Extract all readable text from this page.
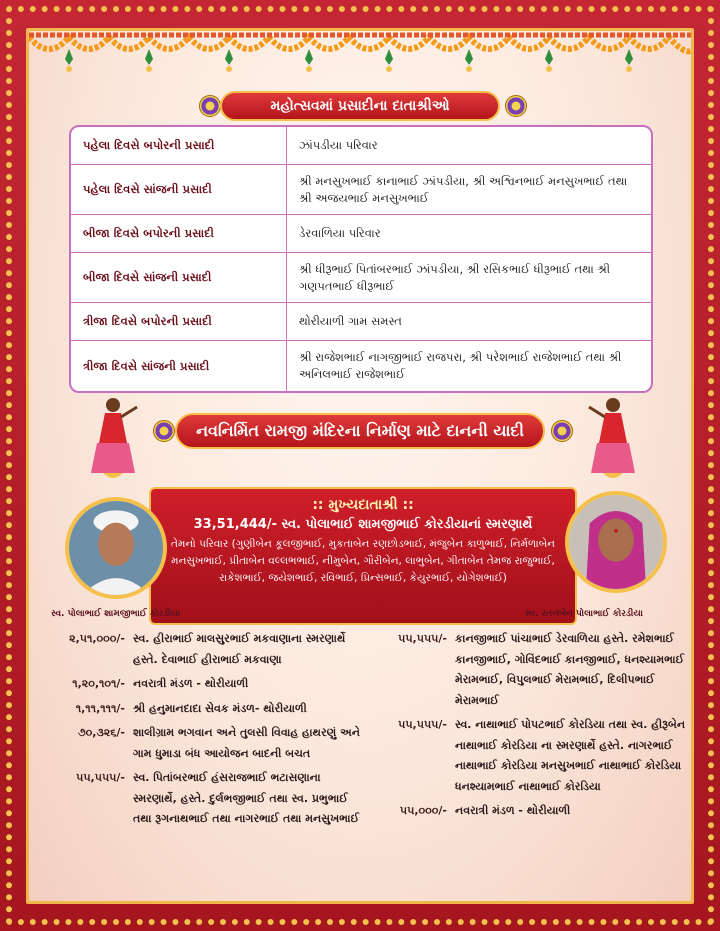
મહોત્સવમાં પ્રસાદીના દાતાશ્રીઓ
પહેલા દિવસે બપોરની પ્રસાદી	ઝાંપડીયા પરિવાર
પહેલા દિવસે સાંજની પ્રસાદી	શ્રી મનસુખભાઈ કાનાભાઈ ઝાંપડીયા, શ્રી અશ્વિનભાઈ મનસુખભાઈ તથા શ્રી અજયભાઈ મનસુખભાઈ
બીજા દિવસે બપોરની પ્રસાદી	ડેરવાળિયા પરિવાર
બીજા દિવસે સાંજની પ્રસાદી	શ્રી ધીરૂભાઈ પિતાંબરભાઈ ઝાંપડીયા, શ્રી રસિકભાઈ ધીરૂભાઈ તથા શ્રી ગણપતભાઈ ધીરૂભાઈ
ત્રીજા દિવસે બપોરની પ્રસાદી	થોરીયાળી ગામ સમસ્ત
ત્રીજા દિવસે સાંજની પ્રસાદી	શ્રી રાજેશભાઈ નાગજીભાઈ રાજપરા, શ્રી પરેશભાઈ રાજેશભાઈ તથા શ્રી અનિલભાઈ રાજેશભાઈ
નવનિર્મિત રામજી મંદિરના નિર્માણ માટે દાનની યાદી
:: મુખ્યદાતાશ્રી ::
33,51,444/- સ્વ. પોલાભાઈ શામજીભાઈ કોરડીયાનાં સ્મરણાર્થે
તેમનો પરિવાર (ગુણીબેન કૂલજીભાઈ, મુકતાબેન રણછોડભાઈ, મંજુબેન કાળુભાઈ, નિર્મળાબેન મનસુખભાઈ, પ્રીતાબેન વલ્લભભાઈ, નીમુબેન, ગૌરીબેન, લાભુબેન, ગીતાબેન તેમજ રાજુભાઈ, રાકેશભાઈ, જયેશભાઈ, રવિભાઈ, પ્રિન્સભાઈ, કેયુરભાઈ, યોગેશભાઈ)
સ્વ. પોલાભાઈ શામજીભાઈ કોરડીયા	સ્વ. રતનબેન પોલાભાઈ કોરડીયા
૨,૫૧,૦૦૦/- સ્વ. હીરાભાઈ માલસુરભાઈ મકવાણાના સ્મરણાર્થે હસ્તે. દેવાભાઈ હીરાભાઈ મકવાણા
૧,૨૦,૧૦૧/- નવરાત્રી મંડળ - થોરીયાળી
૧,૧૧,૧૧૧/- શ્રી હનુમાનદાદા સેવક મંડળ- થોરીયાળી
૭૦,૩૨૬/- શાલીગ્રામ ભગવાન અને તુલસી વિવાહ હાથરણું અને ગામ ધુમાડા બંધ આયોજન બાદની બચત
૫૫,૫૫૫/- સ્વ. પિતાંબરભાઈ હંસરાજભાઈ ભટાસણાના સ્મરણાર્થે, હસ્તે. દુર્લભજીભાઈ તથા સ્વ. પ્રભુભાઈ તથા રૂગનાથભાઈ તથા નાગરભાઈ તથા મનસુખભાઈ
૫૫,૫૫૫/- કાનજીભાઈ પાંચાભાઈ ડેરવાળિયા હસ્તે. રમેશભાઈ કાનજીભાઈ, ગોવિંદભાઈ કાનજીભાઈ, ધનશ્યામભાઈ મેરામભાઈ, વિપુલભાઈ મેરામભાઈ, દિલીપભાઈ મેરામભાઈ
૫૫,૫૫૫/- સ્વ. નાથાભાઈ પોપટભાઈ કોરડિયા તથા સ્વ. હીરૂબેન નાથાભાઈ કોરડિયા ના સ્મરણાર્થે હસ્તે. નાગરભાઈ નાથાભાઈ કોરડિયા મનસુખભાઈ નાથાભાઈ કોરડિયા ધનશ્યામભાઈ નાથાભાઈ કોરડિયા
૫૫,૦૦૦/- નવરાત્રી મંડળ - થોરીયાળી
